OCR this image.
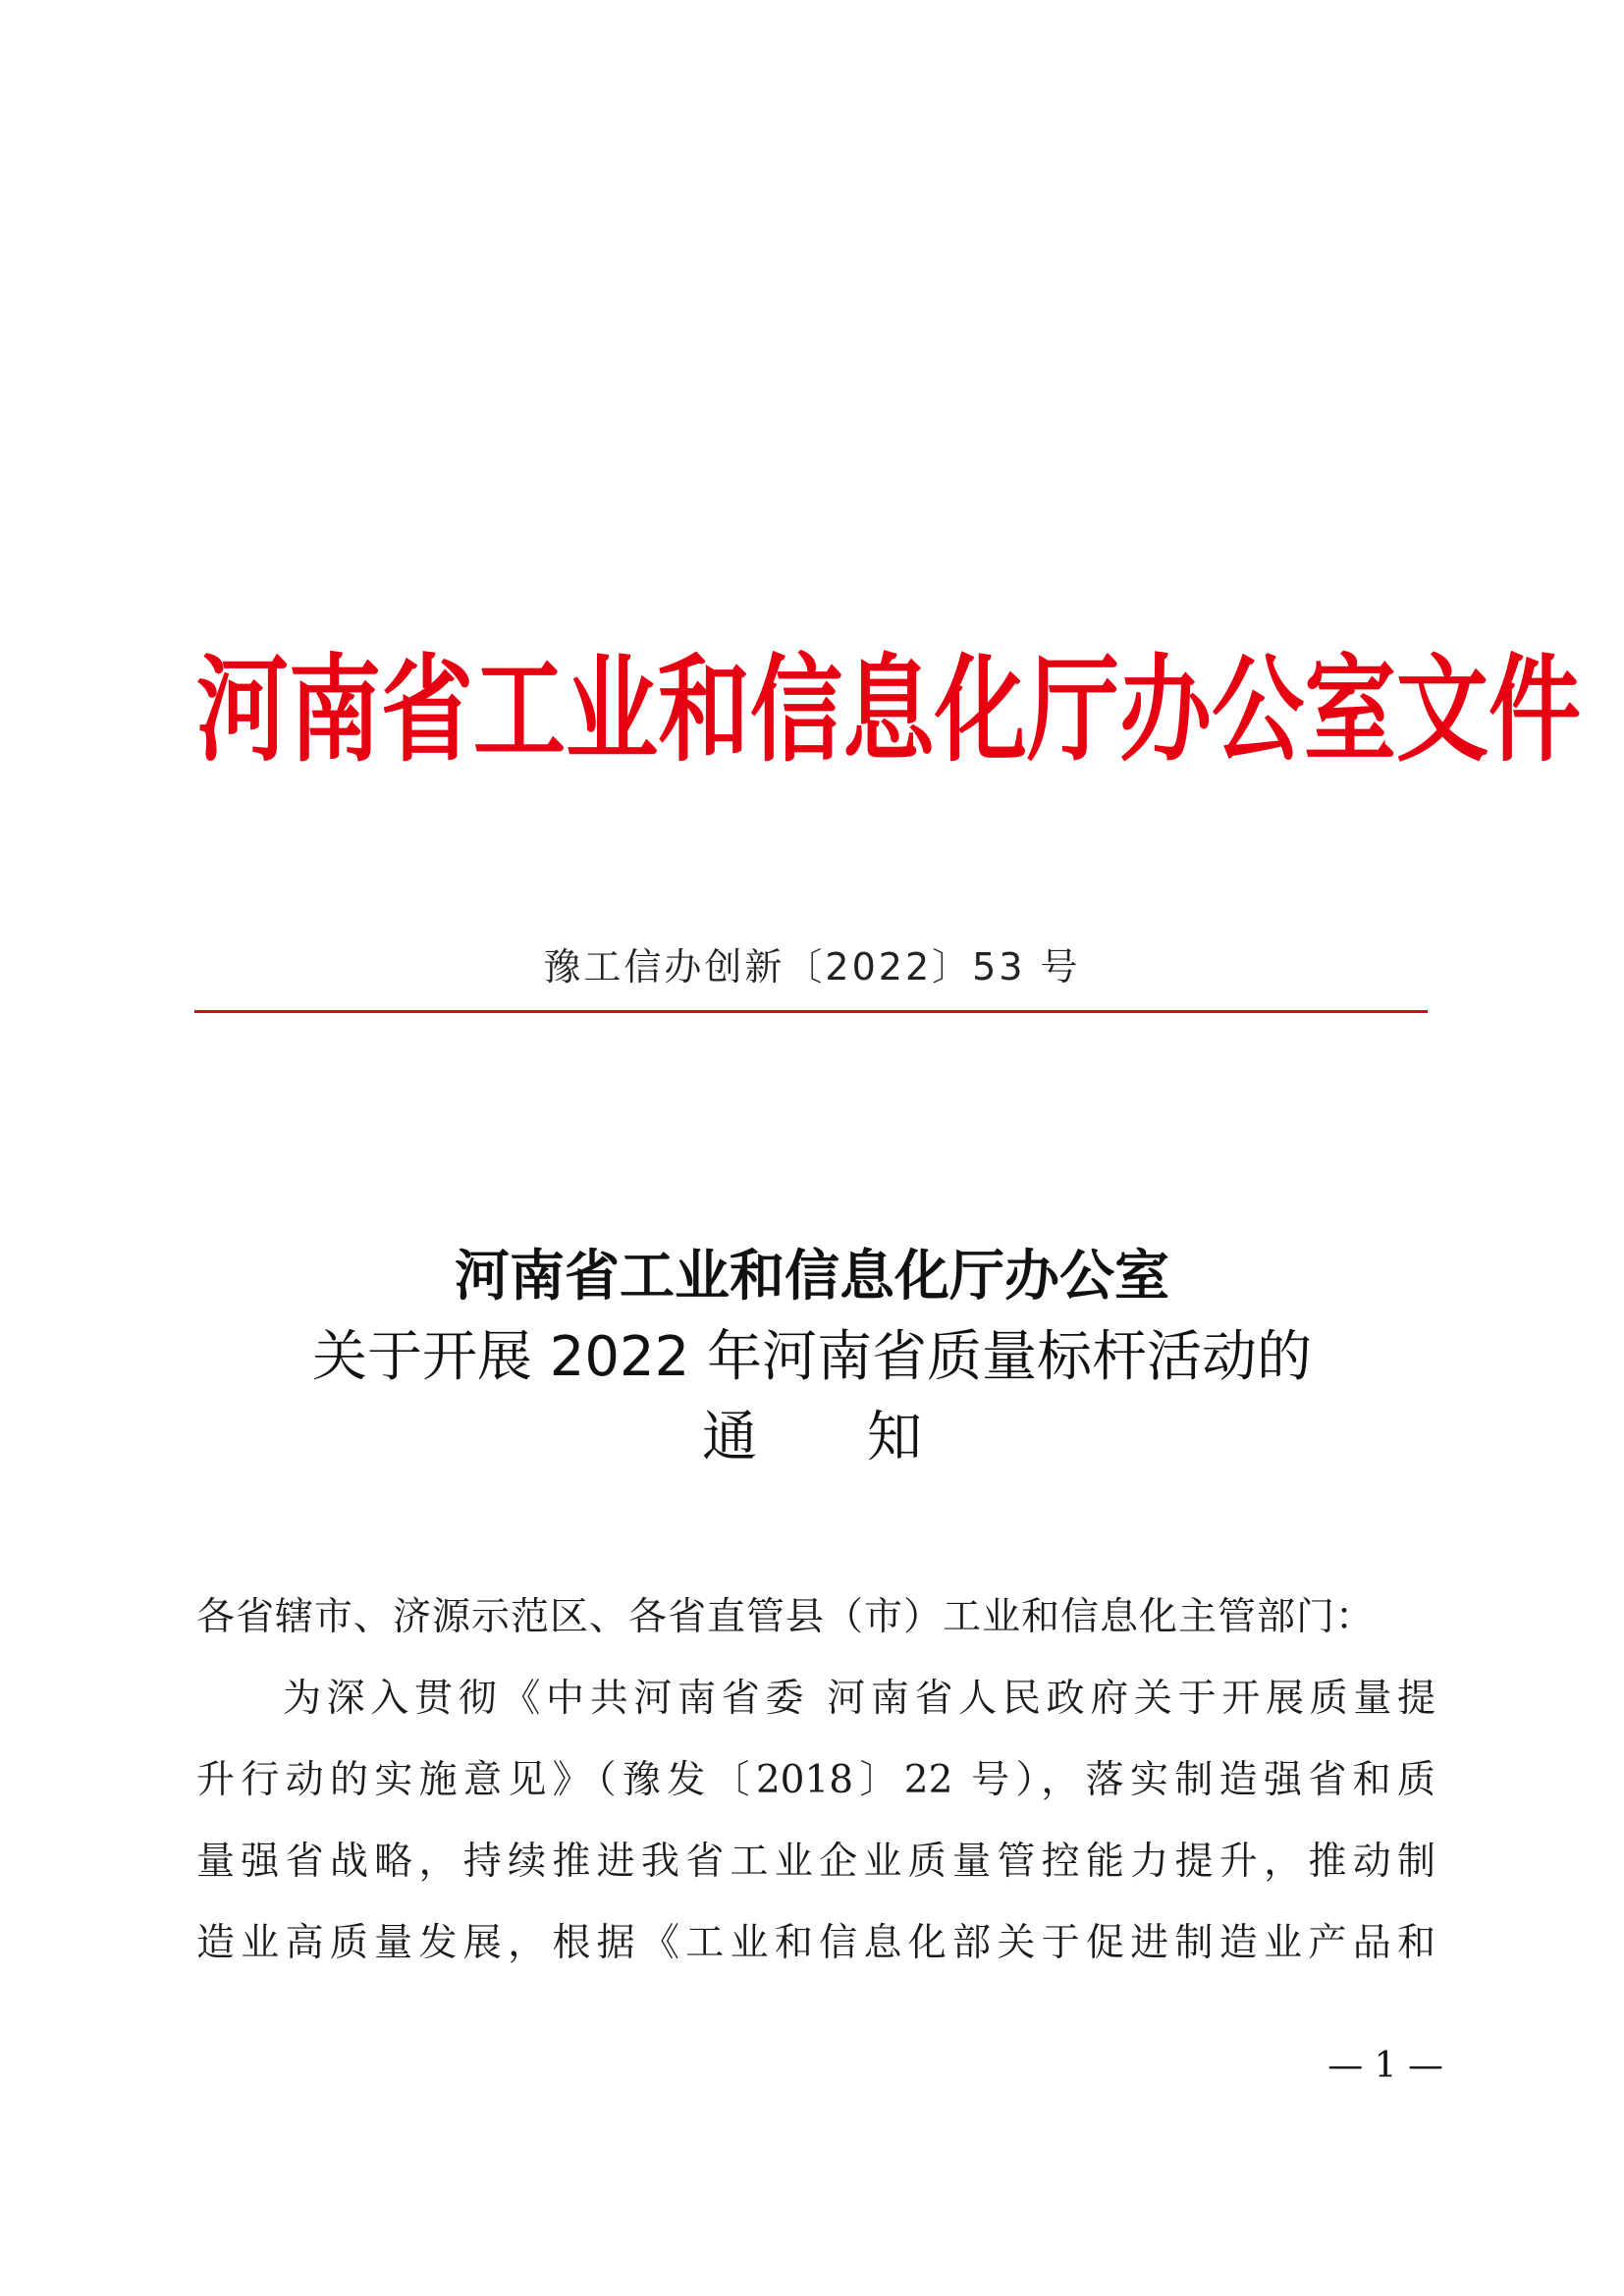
河南省工业和信息化厅办公室文件
豫工信办创新〔2022〕53 号
河南省工业和信息化厅办公室
关于开展 2022 年河南省质量标杆活动的
通　　知
各省辖市、济源示范区、各省直管县（市）工业和信息化主管部门：
为深入贯彻《中共河南省委 河南省人民政府关于开展质量提
升行动的实施意见》（豫发〔2018〕22 号），落实制造强省和质
量强省战略，持续推进我省工业企业质量管控能力提升，推动制
造业高质量发展，根据《工业和信息化部关于促进制造业产品和
— 1 —
